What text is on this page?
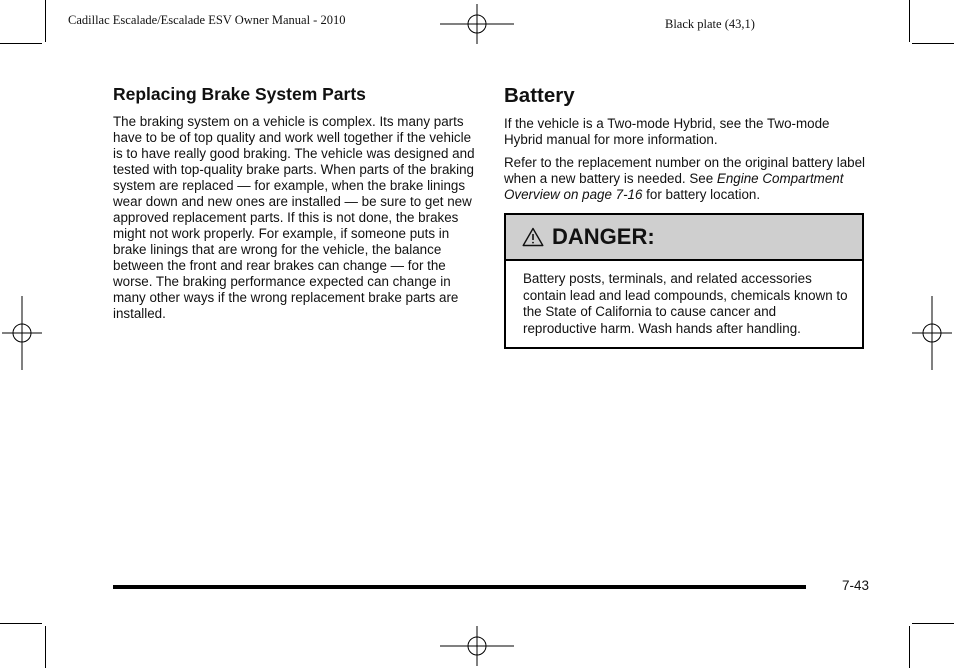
Cadillac Escalade/Escalade ESV Owner Manual - 2010	Black plate (43,1)
Replacing Brake System Parts

The braking system on a vehicle is complex. Its many parts have to be of top quality and work well together if the vehicle is to have really good braking. The vehicle was designed and tested with top-quality brake parts. When parts of the braking system are replaced — for example, when the brake linings wear down and new ones are installed — be sure to get new approved replacement parts. If this is not done, the brakes might not work properly. For example, if someone puts in brake linings that are wrong for the vehicle, the balance between the front and rear brakes can change — for the worse. The braking performance expected can change in many other ways if the wrong replacement brake parts are installed.

Battery

If the vehicle is a Two-mode Hybrid, see the Two-mode Hybrid manual for more information.

Refer to the replacement number on the original battery label when a new battery is needed. See Engine Compartment Overview on page 7-16 for battery location.

DANGER:
Battery posts, terminals, and related accessories contain lead and lead compounds, chemicals known to the State of California to cause cancer and reproductive harm. Wash hands after handling.
7-43
